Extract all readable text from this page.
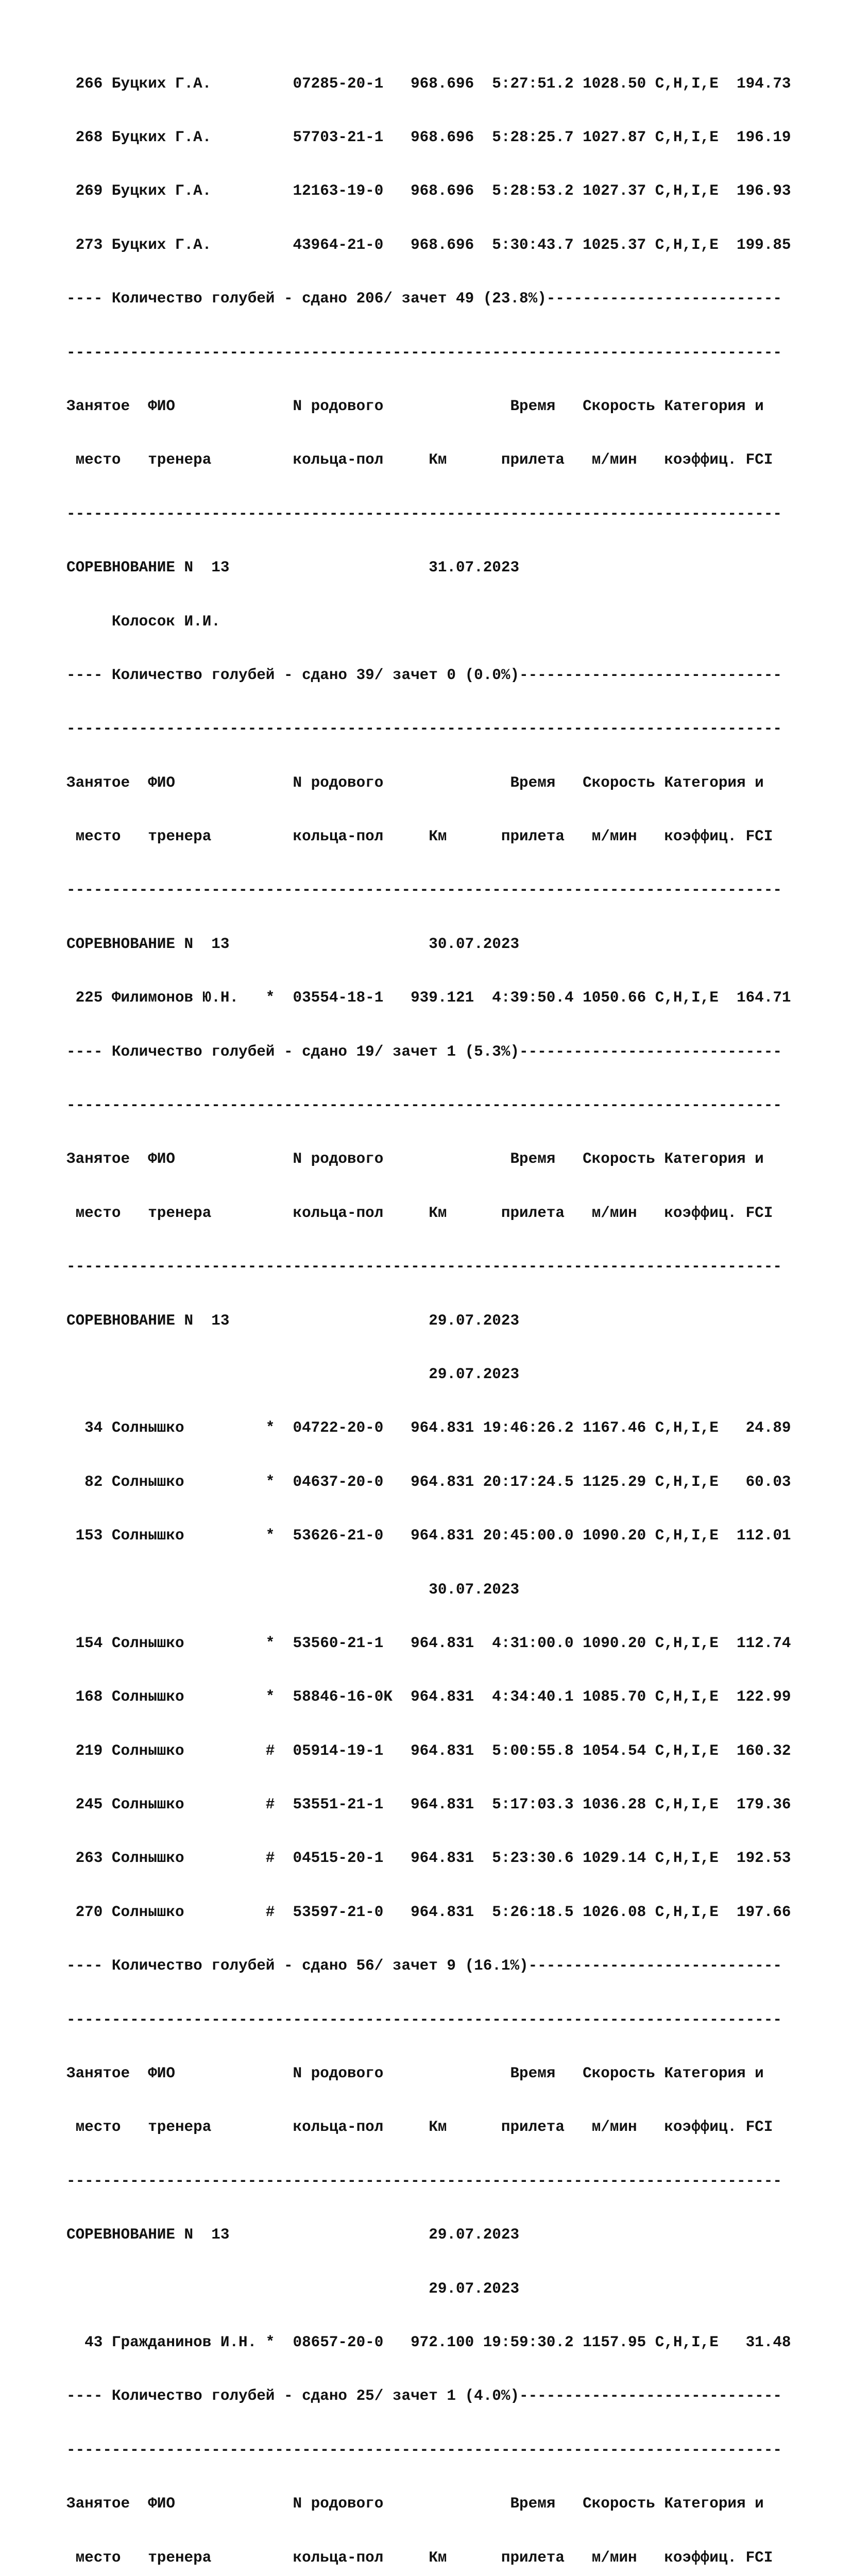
266 Буцких Г.А.         07285-20-1   968.696  5:27:51.2 1028.50 C,H,I,E  194.73

268 Буцких Г.А.         57703-21-1   968.696  5:28:25.7 1027.87 C,H,I,E  196.19

269 Буцких Г.А.         12163-19-0   968.696  5:28:53.2 1027.37 C,H,I,E  196.93

273 Буцких Г.А.         43964-21-0   968.696  5:30:43.7 1025.37 C,H,I,E  199.85

---- Количество голубей - сдано 206/ зачет 49 (23.8%)--------------------------

-------------------------------------------------------------------------------

Занятое  ФИО             N родового              Время   Скорость Категория и

место   тренера         кольца-пол     Км      прилета   м/мин   коэффиц. FCI

-------------------------------------------------------------------------------

СОРЕВНОВАНИЕ N  13                      31.07.2023

Колосок И.И.

---- Количество голубей - сдано 39/ зачет 0 (0.0%)-----------------------------

-------------------------------------------------------------------------------

Занятое  ФИО             N родового              Время   Скорость Категория и

место   тренера         кольца-пол     Км      прилета   м/мин   коэффиц. FCI

-------------------------------------------------------------------------------

СОРЕВНОВАНИЕ N  13                      30.07.2023

225 Филимонов Ю.Н.   *  03554-18-1   939.121  4:39:50.4 1050.66 C,H,I,E  164.71

---- Количество голубей - сдано 19/ зачет 1 (5.3%)-----------------------------

-------------------------------------------------------------------------------

Занятое  ФИО             N родового              Время   Скорость Категория и

место   тренера         кольца-пол     Км      прилета   м/мин   коэффиц. FCI

-------------------------------------------------------------------------------

СОРЕВНОВАНИЕ N  13                      29.07.2023

29.07.2023

34 Солнышко         *  04722-20-0   964.831 19:46:26.2 1167.46 C,H,I,E   24.89

82 Солнышко         *  04637-20-0   964.831 20:17:24.5 1125.29 C,H,I,E   60.03

153 Солнышко         *  53626-21-0   964.831 20:45:00.0 1090.20 C,H,I,E  112.01

30.07.2023

154 Солнышко         *  53560-21-1   964.831  4:31:00.0 1090.20 C,H,I,E  112.74

168 Солнышко         *  58846-16-0K  964.831  4:34:40.1 1085.70 C,H,I,E  122.99

219 Солнышко         #  05914-19-1   964.831  5:00:55.8 1054.54 C,H,I,E  160.32

245 Солнышко         #  53551-21-1   964.831  5:17:03.3 1036.28 C,H,I,E  179.36

263 Солнышко         #  04515-20-1   964.831  5:23:30.6 1029.14 C,H,I,E  192.53

270 Солнышко         #  53597-21-0   964.831  5:26:18.5 1026.08 C,H,I,E  197.66

---- Количество голубей - сдано 56/ зачет 9 (16.1%)----------------------------

-------------------------------------------------------------------------------

Занятое  ФИО             N родового              Время   Скорость Категория и

место   тренера         кольца-пол     Км      прилета   м/мин   коэффиц. FCI

-------------------------------------------------------------------------------

СОРЕВНОВАНИЕ N  13                      29.07.2023

29.07.2023

43 Гражданинов И.Н. *  08657-20-0   972.100 19:59:30.2 1157.95 C,H,I,E   31.48

---- Количество голубей - сдано 25/ зачет 1 (4.0%)-----------------------------

-------------------------------------------------------------------------------

Занятое  ФИО             N родового              Время   Скорость Категория и

место   тренера         кольца-пол     Км      прилета   м/мин   коэффиц. FCI
